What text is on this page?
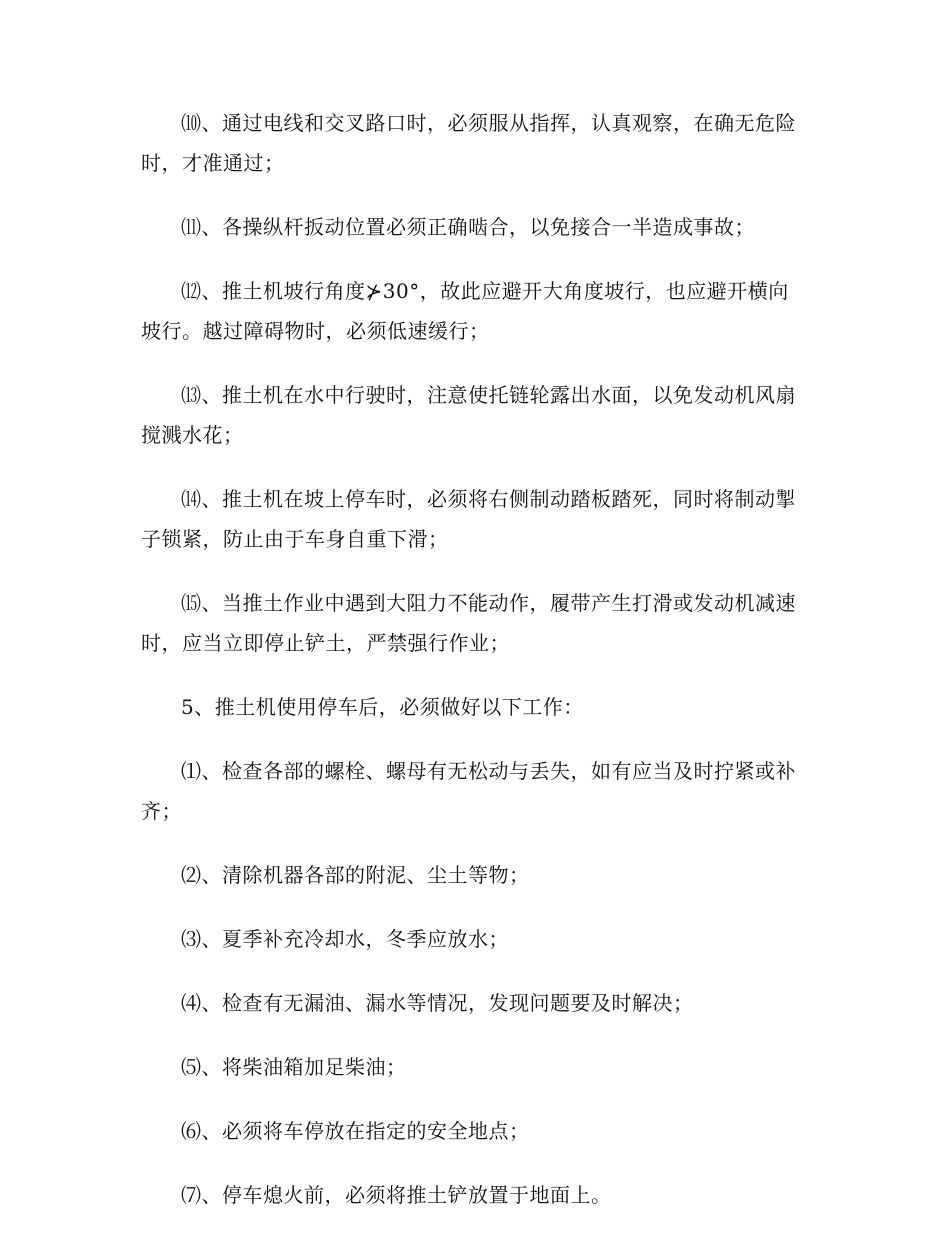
⑽、通过电线和交叉路口时，必须服从指挥，认真观察，在确无危险时，才准通过；

⑾、各操纵杆扳动位置必须正确啮合，以免接合一半造成事故；

⑿、推土机坡行角度⊁30°，故此应避开大角度坡行，也应避开横向坡行。越过障碍物时，必须低速缓行；

⒀、推土机在水中行驶时，注意使托链轮露出水面，以免发动机风扇搅溅水花；

⒁、推土机在坡上停车时，必须将右侧制动踏板踏死，同时将制动掣子锁紧，防止由于车身自重下滑；

⒂、当推土作业中遇到大阻力不能动作，履带产生打滑或发动机减速时，应当立即停止铲土，严禁强行作业；

5、推土机使用停车后，必须做好以下工作：

⑴、检查各部的螺栓、螺母有无松动与丢失，如有应当及时拧紧或补齐；

⑵、清除机器各部的附泥、尘土等物；

⑶、夏季补充冷却水，冬季应放水；

⑷、检查有无漏油、漏水等情况，发现问题要及时解决；

⑸、将柴油箱加足柴油；

⑹、必须将车停放在指定的安全地点；

⑺、停车熄火前，必须将推土铲放置于地面上。
